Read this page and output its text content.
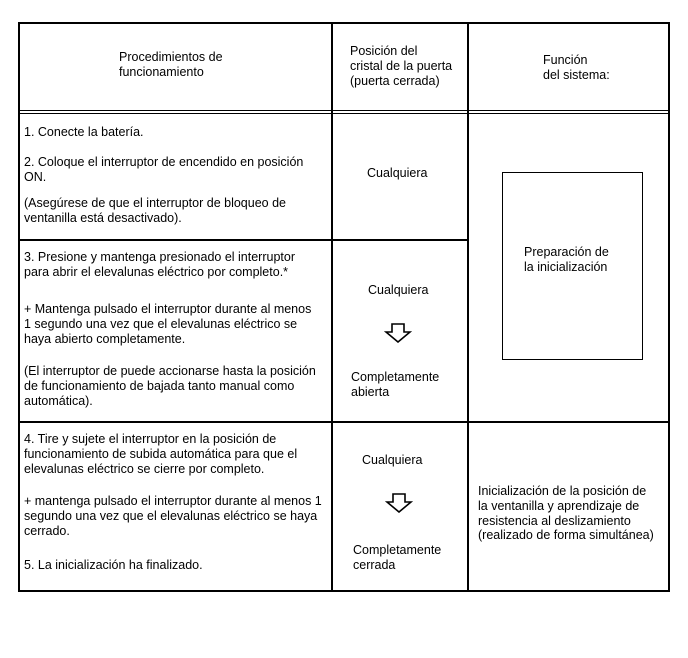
Procedimientos de
funcionamiento
Posición del
cristal de la puerta
(puerta cerrada)
Función
del sistema:
1. Conecte la batería.
2. Coloque el interruptor de encendido en posición
ON.
(Asegúrese de que el interruptor de bloqueo de
ventanilla está desactivado).
Cualquiera
3. Presione y mantenga presionado el interruptor
para abrir el elevalunas eléctrico por completo.*
+ Mantenga pulsado el interruptor durante al menos
1 segundo una vez que el elevalunas eléctrico se
haya abierto completamente.
(El interruptor de puede accionarse hasta la posición
de funcionamiento de bajada tanto manual como
automática).
Cualquiera
Completamente
abierta
4. Tire y sujete el interruptor en la posición de
funcionamiento de subida automática para que el
elevalunas eléctrico se cierre por completo.
+ mantenga pulsado el interruptor durante al menos 1
segundo una vez que el elevalunas eléctrico se haya
cerrado.
5. La inicialización ha finalizado.
Cualquiera
Completamente
cerrada
Preparación de
la inicialización
Inicialización de la posición de
la ventanilla y aprendizaje de
resistencia al deslizamiento
(realizado de forma simultánea)
